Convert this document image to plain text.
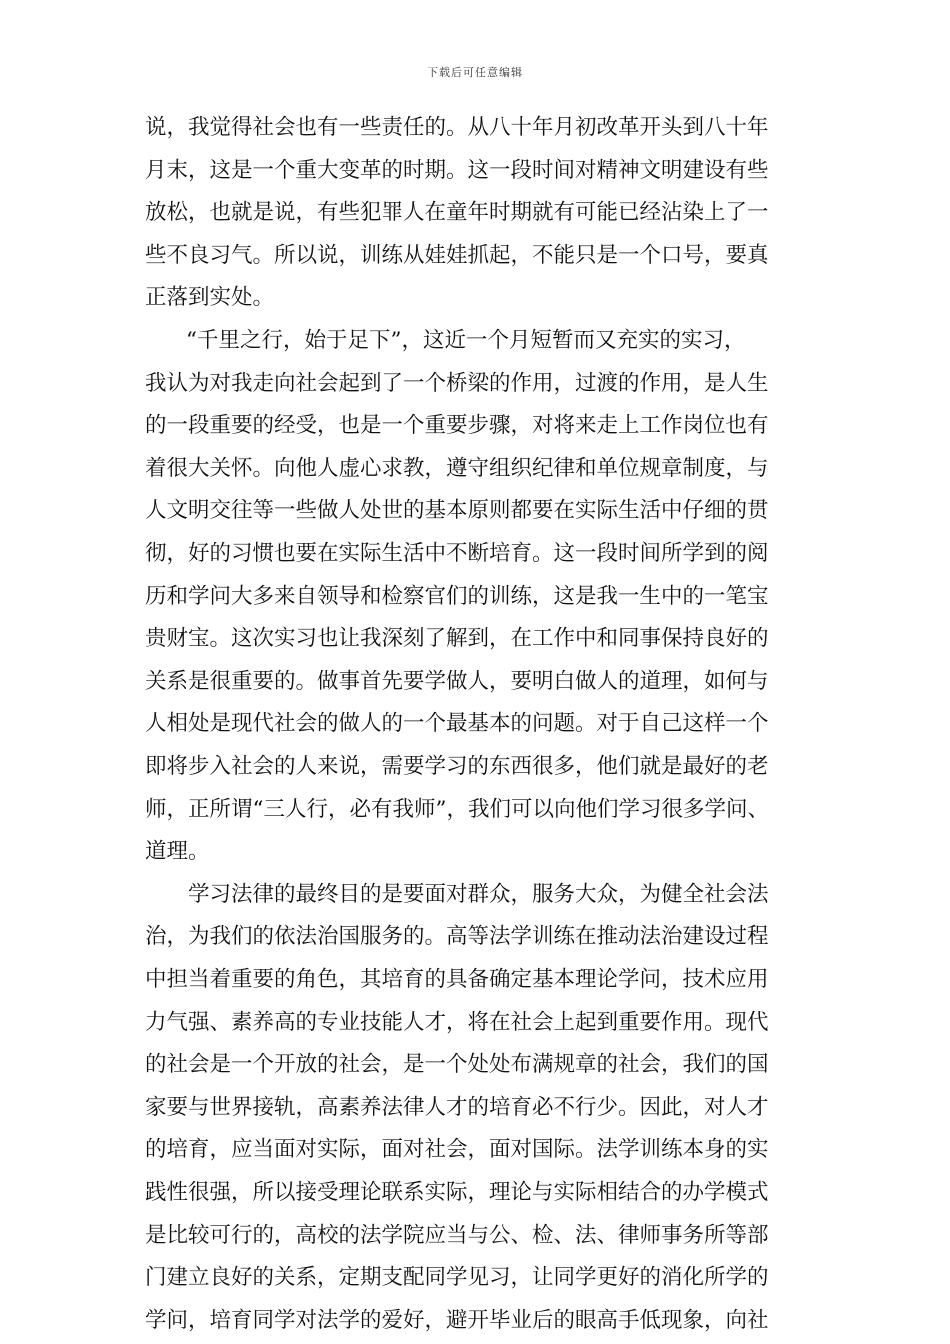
下载后可任意编辑
说，我觉得社会也有一些责任的。从八十年月初改革开头到八十年
月末，这是一个重大变革的时期。这一段时间对精神文明建设有些
放松，也就是说，有些犯罪人在童年时期就有可能已经沾染上了一
些不良习气。所以说，训练从娃娃抓起，不能只是一个口号，要真
正落到实处。
“千里之行，始于足下”，这近一个月短暂而又充实的实习，
我认为对我走向社会起到了一个桥梁的作用，过渡的作用，是人生
的一段重要的经受，也是一个重要步骤，对将来走上工作岗位也有
着很大关怀。向他人虚心求教，遵守组织纪律和单位规章制度，与
人文明交往等一些做人处世的基本原则都要在实际生活中仔细的贯
彻，好的习惯也要在实际生活中不断培育。这一段时间所学到的阅
历和学问大多来自领导和检察官们的训练，这是我一生中的一笔宝
贵财宝。这次实习也让我深刻了解到，在工作中和同事保持良好的
关系是很重要的。做事首先要学做人，要明白做人的道理，如何与
人相处是现代社会的做人的一个最基本的问题。对于自己这样一个
即将步入社会的人来说，需要学习的东西很多，他们就是最好的老
师，正所谓“三人行，必有我师”，我们可以向他们学习很多学问、
道理。
学习法律的最终目的是要面对群众，服务大众，为健全社会法
治，为我们的依法治国服务的。高等法学训练在推动法治建设过程
中担当着重要的角色，其培育的具备确定基本理论学问，技术应用
力气强、素养高的专业技能人才，将在社会上起到重要作用。现代
的社会是一个开放的社会，是一个处处布满规章的社会，我们的国
家要与世界接轨，高素养法律人才的培育必不行少。因此，对人才
的培育，应当面对实际，面对社会，面对国际。法学训练本身的实
践性很强，所以接受理论联系实际，理论与实际相结合的办学模式
是比较可行的，高校的法学院应当与公、检、法、律师事务所等部
门建立良好的关系，定期支配同学见习，让同学更好的消化所学的
学问，培育同学对法学的爱好，避开毕业后的眼高手低现象，向社
